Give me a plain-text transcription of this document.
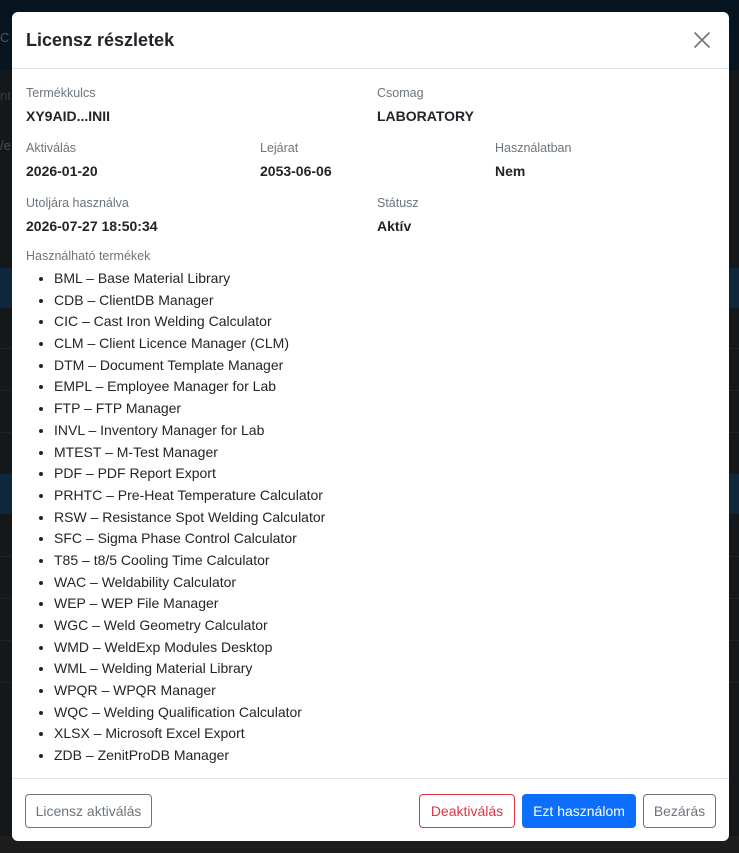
Licensz részletek
Termékkulcs
XY9AID...INII
Csomag
LABORATORY
Aktiválás
2026-01-20
Lejárat
2053-06-06
Használatban
Nem
Utoljára használva
2026-07-27 18:50:34
Státusz
Aktív
Használható termékek
• BML – Base Material Library
• CDB – ClientDB Manager
• CIC – Cast Iron Welding Calculator
• CLM – Client Licence Manager (CLM)
• DTM – Document Template Manager
• EMPL – Employee Manager for Lab
• FTP – FTP Manager
• INVL – Inventory Manager for Lab
• MTEST – M-Test Manager
• PDF – PDF Report Export
• PRHTC – Pre-Heat Temperature Calculator
• RSW – Resistance Spot Welding Calculator
• SFC – Sigma Phase Control Calculator
• T85 – t8/5 Cooling Time Calculator
• WAC – Weldability Calculator
• WEP – WEP File Manager
• WGC – Weld Geometry Calculator
• WMD – WeldExp Modules Desktop
• WML – Welding Material Library
• WPQR – WPQR Manager
• WQC – Welding Qualification Calculator
• XLSX – Microsoft Excel Export
• ZDB – ZenitProDB Manager
Licensz aktiválás	Deaktiválás	Ezt használom	Bezárás
